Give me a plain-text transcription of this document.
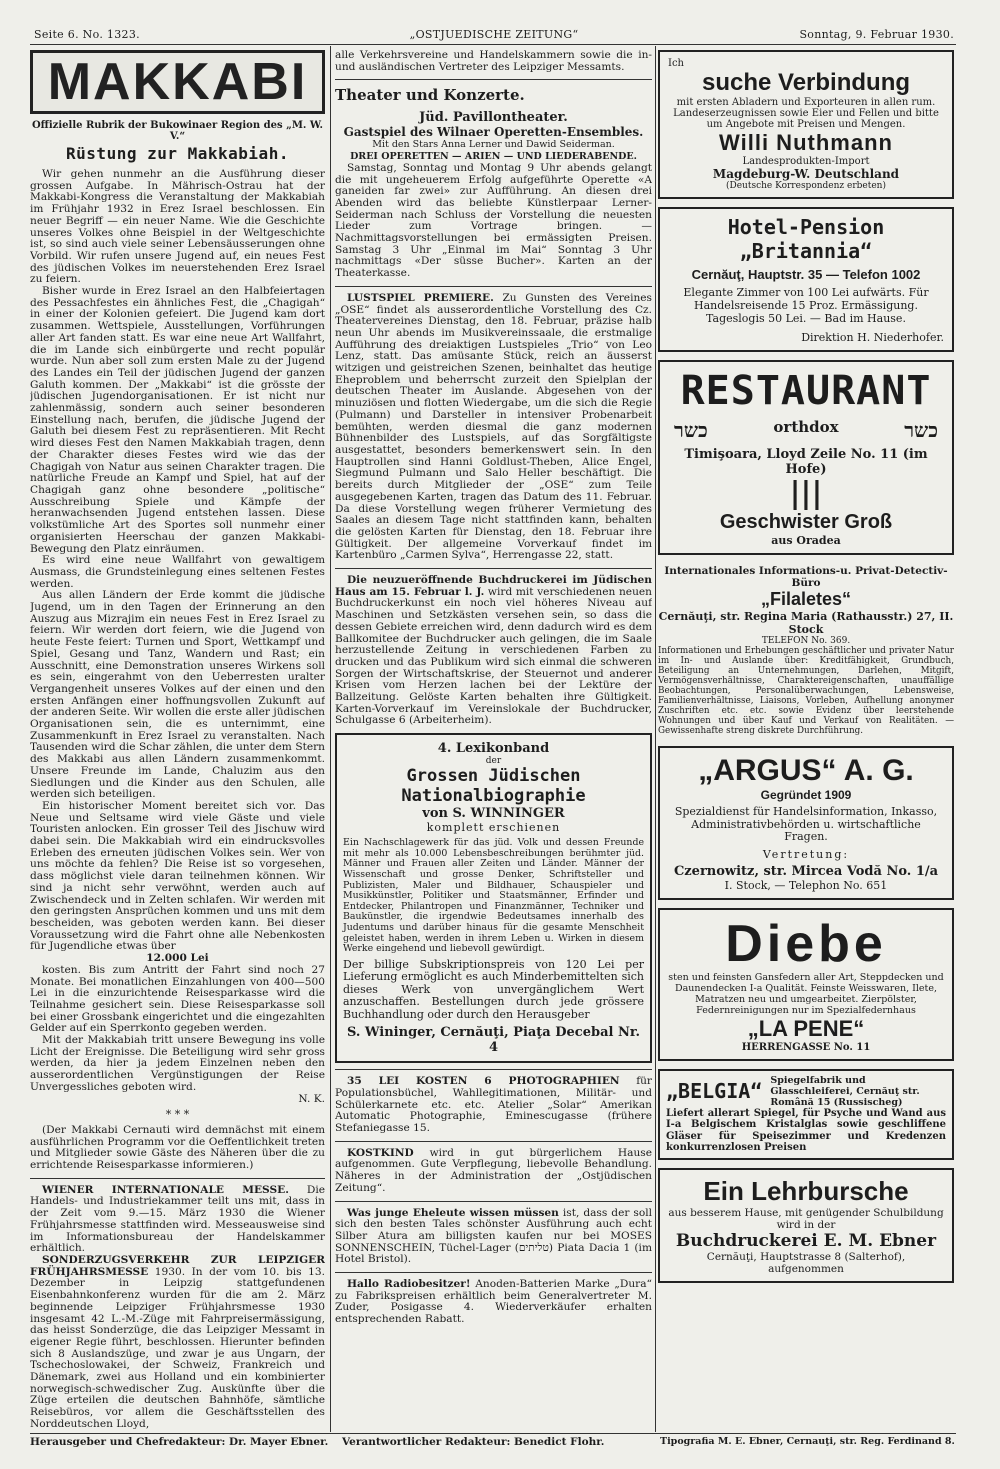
Seite 6. No. 1323.	„OSTJUEDISCHE ZEITUNG“	Sonntag, 9. Februar 1930.
MAKKABI
Offizielle Rubrik der Bukowinaer Region des „M. W. V.“
Rüstung zur Makkabiah.

Wir gehen nunmehr an die Ausführung dieser grossen Aufgabe. In Mährisch-Ostrau hat der Makkabi-Kongress die Veranstaltung der Makkabiah im Frühjahr 1932 in Erez Israel beschlossen. Ein neuer Begriff — ein neuer Name. Wie die Geschichte unseres Volkes ohne Beispiel in der Weltgeschichte ist, so sind auch viele seiner Lebensäusserungen ohne Vorbild. Wir rufen unsere Jugend auf, ein neues Fest des jüdischen Volkes im neuerstehenden Erez Israel zu feiern.

Bisher wurde in Erez Israel an den Halbfeiertagen des Pessachfestes ein ähnliches Fest, die „Chagigah“ in einer der Kolonien gefeiert. Die Jugend kam dort zusammen. Wettspiele, Ausstellungen, Vorführungen aller Art fanden statt. Es war eine neue Art Wallfahrt, die im Lande sich einbürgerte und recht populär wurde. Nun aber soll zum ersten Male zu der Jugend des Landes ein Teil der jüdischen Jugend der ganzen Galuth kommen. Der „Makkabi“ ist die grösste der jüdischen Jugendorganisationen. Er ist nicht nur zahlenmässig, sondern auch seiner besonderen Einstellung nach, berufen, die jüdische Jugend der Galuth bei diesem Fest zu repräsentieren. Mit Recht wird dieses Fest den Namen Makkabiah tragen, denn der Charakter dieses Festes wird wie das der Chagigah von Natur aus seinen Charakter tragen. Die natürliche Freude an Kampf und Spiel, hat auf der Chagigah ganz ohne besondere „politische“ Ausschreibung Spiele und Kämpfe der heranwachsenden Jugend entstehen lassen. Diese volkstümliche Art des Sportes soll nunmehr einer organisierten Heerschau der ganzen Makkabi-Bewegung den Platz einräumen.

Es wird eine neue Wallfahrt von gewaltigem Ausmass, die Grundsteinlegung eines seltenen Festes werden.

Aus allen Ländern der Erde kommt die jüdische Jugend, um in den Tagen der Erinnerung an den Auszug aus Mizrajim ein neues Fest in Erez Israel zu feiern. Wir werden dort feiern, wie die Jugend von heute Feste feiert: Turnen und Sport, Wettkampf und Spiel, Gesang und Tanz, Wandern und Rast; ein Ausschnitt, eine Demonstration unseres Wirkens soll es sein, eingerahmt von den Ueberresten uralter Vergangenheit unseres Volkes auf der einen und den ersten Anfängen einer hoffnungsvollen Zukunft auf der anderen Seite. Wir wollen die erste aller jüdischen Organisationen sein, die es unternimmt, eine Zusammenkunft in Erez Israel zu veranstalten. Nach Tausenden wird die Schar zählen, die unter dem Stern des Makkabi aus allen Ländern zusammenkommt. Unsere Freunde im Lande, Chaluzim aus den Siedlungen und die Kinder aus den Schulen, alle werden sich beteiligen.

Ein historischer Moment bereitet sich vor. Das Neue und Seltsame wird viele Gäste und viele Touristen anlocken. Ein grosser Teil des Jischuw wird dabei sein. Die Makkabiah wird ein eindrucksvolles Erleben des erneuten jüdischen Volkes sein. Wer von uns möchte da fehlen? Die Reise ist so vorgesehen, dass möglichst viele daran teilnehmen können. Wir sind ja nicht sehr verwöhnt, werden auch auf Zwischendeck und in Zelten schlafen. Wir werden mit den geringsten Ansprüchen kommen und uns mit dem bescheiden, was geboten werden kann. Bei dieser Voraussetzung wird die Fahrt ohne alle Nebenkosten für Jugendliche etwas über

12.000 Lei

kosten. Bis zum Antritt der Fahrt sind noch 27 Monate. Bei monatlichen Einzahlungen von 400—500 Lei in die einzurichtende Reisesparkasse wird die Teilnahme gesichert sein. Diese Reisesparkasse soll bei einer Grossbank eingerichtet und die eingezahlten Gelder auf ein Sperrkonto gegeben werden.

Mit der Makkabiah tritt unsere Bewegung ins volle Licht der Ereignisse. Die Beteiligung wird sehr gross werden, da hier ja jedem Einzelnen neben den ausserordentlichen Vergünstigungen der Reise Unvergessliches geboten wird.

N. K.
* * *

(Der Makkabi Cernauti wird demnächst mit einem ausführlichen Programm vor die Oeffentlichkeit treten und Mitglieder sowie Gäste des Näheren über die zu errichtende Reisesparkasse informieren.)

WIENER INTERNATIONALE MESSE. Die Handels- und Industriekammer teilt uns mit, dass in der Zeit vom 9.—15. März 1930 die Wiener Frühjahrsmesse stattfinden wird. Messeausweise sind im Informationsbureau der Handelskammer erhältlich.

SONDERZUGSVERKEHR ZUR LEIPZIGER FRÜHJAHRSMESSE 1930. In der vom 10. bis 13. Dezember in Leipzig stattgefundenen Eisenbahnkonferenz wurden für die am 2. März beginnende Leipziger Frühjahrsmesse 1930 insgesamt 42 L.-M.-Züge mit Fahrpreisermässigung, das heisst Sonderzüge, die das Leipziger Messamt in eigener Regie führt, beschlossen. Hierunter befinden sich 8 Auslandszüge, und zwar je aus Ungarn, der Tschechoslowakei, der Schweiz, Frankreich und Dänemark, zwei aus Holland und ein kombinierter norwegisch-schwedischer Zug. Auskünfte über die Züge erteilen die deutschen Bahnhöfe, sämtliche Reisebüros, vor allem die Geschäftsstellen des Norddeutschen Lloyd,

alle Verkehrsvereine und Handelskammern sowie die in- und ausländischen Vertreter des Leipziger Messamts.
Theater und Konzerte.
Jüd. Pavillontheater.
Gastspiel des Wilnaer Operetten-Ensembles.
Mit den Stars Anna Lerner und Dawid Seiderman.
DREI OPERETTEN — ARIEN — UND LIEDERABENDE.

Samstag, Sonntag und Montag 9 Uhr abends gelangt die mit ungeheuerem Erfolg aufgeführte Operette «A ganeiden far zwei» zur Aufführung. An diesen drei Abenden wird das beliebte Künstlerpaar Lerner-Seiderman nach Schluss der Vorstellung die neuesten Lieder zum Vortrage bringen. — Nachmittagsvorstellungen bei ermässigten Preisen. Samstag 3 Uhr „Einmal im Mai“ Sonntag 3 Uhr nachmittags «Der süsse Bucher». Karten an der Theaterkasse.

LUSTSPIEL PREMIERE. Zu Gunsten des Vereines „OSE“ findet als ausserordentliche Vorstellung des Cz. Theatervereines Dienstag, den 18. Februar, präzise halb neun Uhr abends im Musikvereinssaale, die erstmalige Aufführung des dreiaktigen Lustspieles „Trio“ von Leo Lenz, statt. Das amüsante Stück, reich an äusserst witzigen und geistreichen Szenen, beinhaltet das heutige Eheproblem und beherrscht zurzeit den Spielplan der deutschen Theater im Auslande. Abgesehen von der minuziösen und flotten Wiedergabe, um die sich die Regie (Pulmann) und Darsteller in intensiver Probenarbeit bemühten, werden diesmal die ganz modernen Bühnenbilder des Lustspiels, auf das Sorgfältigste ausgestattet, besonders bemerkenswert sein. In den Hauptrollen sind Hanni Goldlust-Theben, Alice Engel, Siegmund Pulmann und Salo Heller beschäftigt. Die bereits durch Mitglieder der „OSE“ zum Teile ausgegebenen Karten, tragen das Datum des 11. Februar. Da diese Vorstellung wegen früherer Vermietung des Saales an diesem Tage nicht stattfinden kann, behalten die gelösten Karten für Dienstag, den 18. Februar ihre Gültigkeit. Der allgemeine Vorverkauf findet im Kartenbüro „Carmen Sylva“, Herrengasse 22, statt.

Die neuzueröffnende Buchdruckerei im Jüdischen Haus am 15. Februar l. J. wird mit verschiedenen neuen Buchdruckerkunst ein noch viel höheres Niveau auf Maschinen und Setzkästen versehen sein, so dass die dessen Gebiete erreichen wird, denn dadurch wird es dem Ballkomitee der Buchdrucker auch gelingen, die im Saale herzustellende Zeitung in verschiedenen Farben zu drucken und das Publikum wird sich einmal die schweren Sorgen der Wirtschaftskrise, der Steuernot und anderer Krisen vom Herzen lachen bei der Lektüre der Ballzeitung. Gelöste Karten behalten ihre Gültigkeit. Karten-Vorverkauf im Vereinslokale der Buchdrucker, Schulgasse 6 (Arbeiterheim).

4. Lexikonband
der
Grossen Jüdischen Nationalbiographie
von S. WINNINGER
komplett erschienen
Ein Nachschlagewerk für das jüd. Volk und dessen Freunde mit mehr als 10.000 Lebensbeschreibungen berühmter jüd. Männer und Frauen aller Zeiten und Länder. Männer der Wissenschaft und grosse Denker, Schriftsteller und Publizisten, Maler und Bildhauer, Schauspieler und Musikkünstler, Politiker und Staatsmänner, Erfinder und Entdecker, Philantropen und Finanzmänner, Techniker und Baukünstler, die irgendwie Bedeutsames innerhalb des Judentums und darüber hinaus für die gesamte Menschheit geleistet haben, werden in ihrem Leben u. Wirken in diesem Werke eingehend und liebevoll gewürdigt.
Der billige Subskriptionspreis von 120 Lei per Lieferung ermöglicht es auch Minderbemittelten sich dieses Werk von unvergänglichem Wert anzuschaffen. Bestellungen durch jede grössere Buchhandlung oder durch den Herausgeber
S. Wininger, Cernăuţi, Piaţa Decebal Nr. 4

35 LEI KOSTEN 6 PHOTOGRAPHIEN für Populationsbüchel, Wahllegitimationen, Militär- und Schülerkarnete etc. etc. Atelier „Solar“ Amerikan Automatic Photographie, Eminescugasse (frühere Stefaniegasse 15.

KOSTKIND wird in gut bürgerlichem Hause aufgenommen. Gute Verpflegung, liebevolle Behandlung. Näheres in der Administration der „Ostjüdischen Zeitung“.

Was junge Eheleute wissen müssen ist, dass der soll sich den besten Tales schönster Ausführung auch echt Silber Atura am billigsten kaufen nur bei MOSES SONNENSCHEIN, Tüchel-Lager (טליתים) Piata Dacia 1 (im Hotel Bristol).

Hallo Radiobesitzer! Anoden-Batterien Marke „Dura“ zu Fabrikspreisen erhältlich beim Generalvertreter M. Zuder, Posigasse 4. Wiederverkäufer erhalten entsprechenden Rabatt.

Ich
suche Verbindung
mit ersten Abladern und Exporteuren in allen rum. Landeserzeugnissen sowie Eier und Fellen und bitte um Angebote mit Preisen und Mengen.
Willi Nuthmann
Landesprodukten-Import
Magdeburg-W. Deutschland
(Deutsche Korrespondenz erbeten)
Hotel-Pension „Britannia“
Cernăuţ, Hauptstr. 35 — Telefon 1002
Elegante Zimmer von 100 Lei aufwärts. Für Handelsreisende 15 Proz. Ermässigung. Tageslogis 50 Lei. — Bad im Hause.
Direktion H. Niederhofer.
RESTAURANT
כשר	orthdox	כשר
Timişoara, Lloyd Zeile No. 11 (im Hofe)
|||
Geschwister Groß
aus Oradea
Internationales Informations-u. Privat-Detectiv-Büro
„Filaletes“
Cernăuţi, str. Regina Maria (Rathausstr.) 27, II. Stock
TELEFON No. 369.
Informationen und Erhebungen geschäftlicher und privater Natur im In- und Auslande über: Kreditfähigkeit, Grundbuch, Beteiligung an Unternehmungen, Darlehen, Mitgift, Vermögensverhältnisse, Charaktereigenschaften, unauffällige Beobachtungen, Personalüberwachungen, Lebensweise, Familienverhältnisse, Liaisons, Vorleben, Aufhellung anonymer Zuschriften etc. etc. sowie Evidenz über leerstehende Wohnungen und über Kauf und Verkauf von Realitäten. — Gewissenhafte streng diskrete Durchführung.
„ARGUS“ A. G.
Gegründet 1909
Spezialdienst für Handelsinformation, Inkasso, Administrativbehörden u. wirtschaftliche Fragen.
Vertretung:
Czernowitz, str. Mircea Vodă No. 1/a
I. Stock, — Telephon No. 651
Diebe
sten und feinsten Gansfedern aller Art, Steppdecken und Daunendecken I-a Qualität. Feinste Weisswaren, Ilete, Matratzen neu und umgearbeitet. Zierpölster, Federnreinigungen nur im Spezialfedernhaus
„LA PENE“
HERRENGASSE No. 11
„BELGIA“ Spiegelfabrik und Glasschleiferei, Cernăuţ str. Română 15 (Russischeg)
Liefert allerart Spiegel, für Psyche und Wand aus I-a Belgischem Kristalglas sowie geschliffene Gläser für Speisezimmer und Kredenzen konkurrenzlosen Preisen
Ein Lehrbursche
aus besserem Hause, mit genügender Schulbildung wird in der
Buchdruckerei E. M. Ebner
Cernăuţi, Hauptstrasse 8 (Salterhof), aufgenommen
Herausgeber und Chefredakteur: Dr. Mayer Ebner. Verantwortlicher Redakteur: Benedict Flohr.	Tipografia M. E. Ebner, Cernauţi, str. Reg. Ferdinand 8.
